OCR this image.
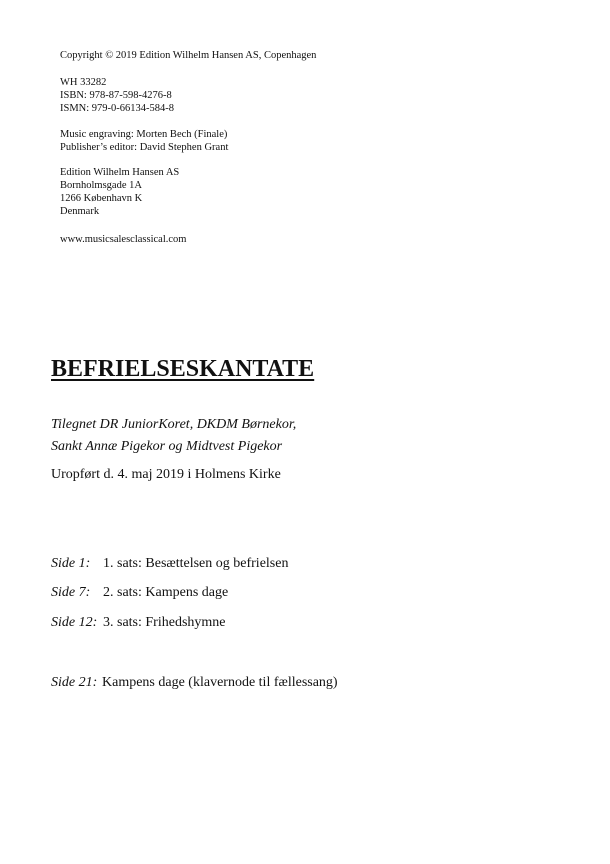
Copyright © 2019 Edition Wilhelm Hansen AS, Copenhagen

WH 33282
ISBN: 978-87-598-4276-8
ISMN: 979-0-66134-584-8
Music engraving: Morten Bech (Finale)
Publisher’s editor: David Stephen Grant
Edition Wilhelm Hansen AS
Bornholmsgade 1A
1266 København K
Denmark

www.musicsalesclassical.com

BEFRIELSESKANTATE
Tilegnet DR JuniorKoret, DKDM Børnekor,
Sankt Annæ Pigekor og Midtvest Pigekor

Uropført d. 4. maj 2019 i Holmens Kirke

Side 1: 1. sats: Besættelsen og befrielsen
Side 7: 2. sats: Kampens dage
Side 12: 3. sats: Frihedshymne
Side 21: Kampens dage (klavernode til fællessang)
